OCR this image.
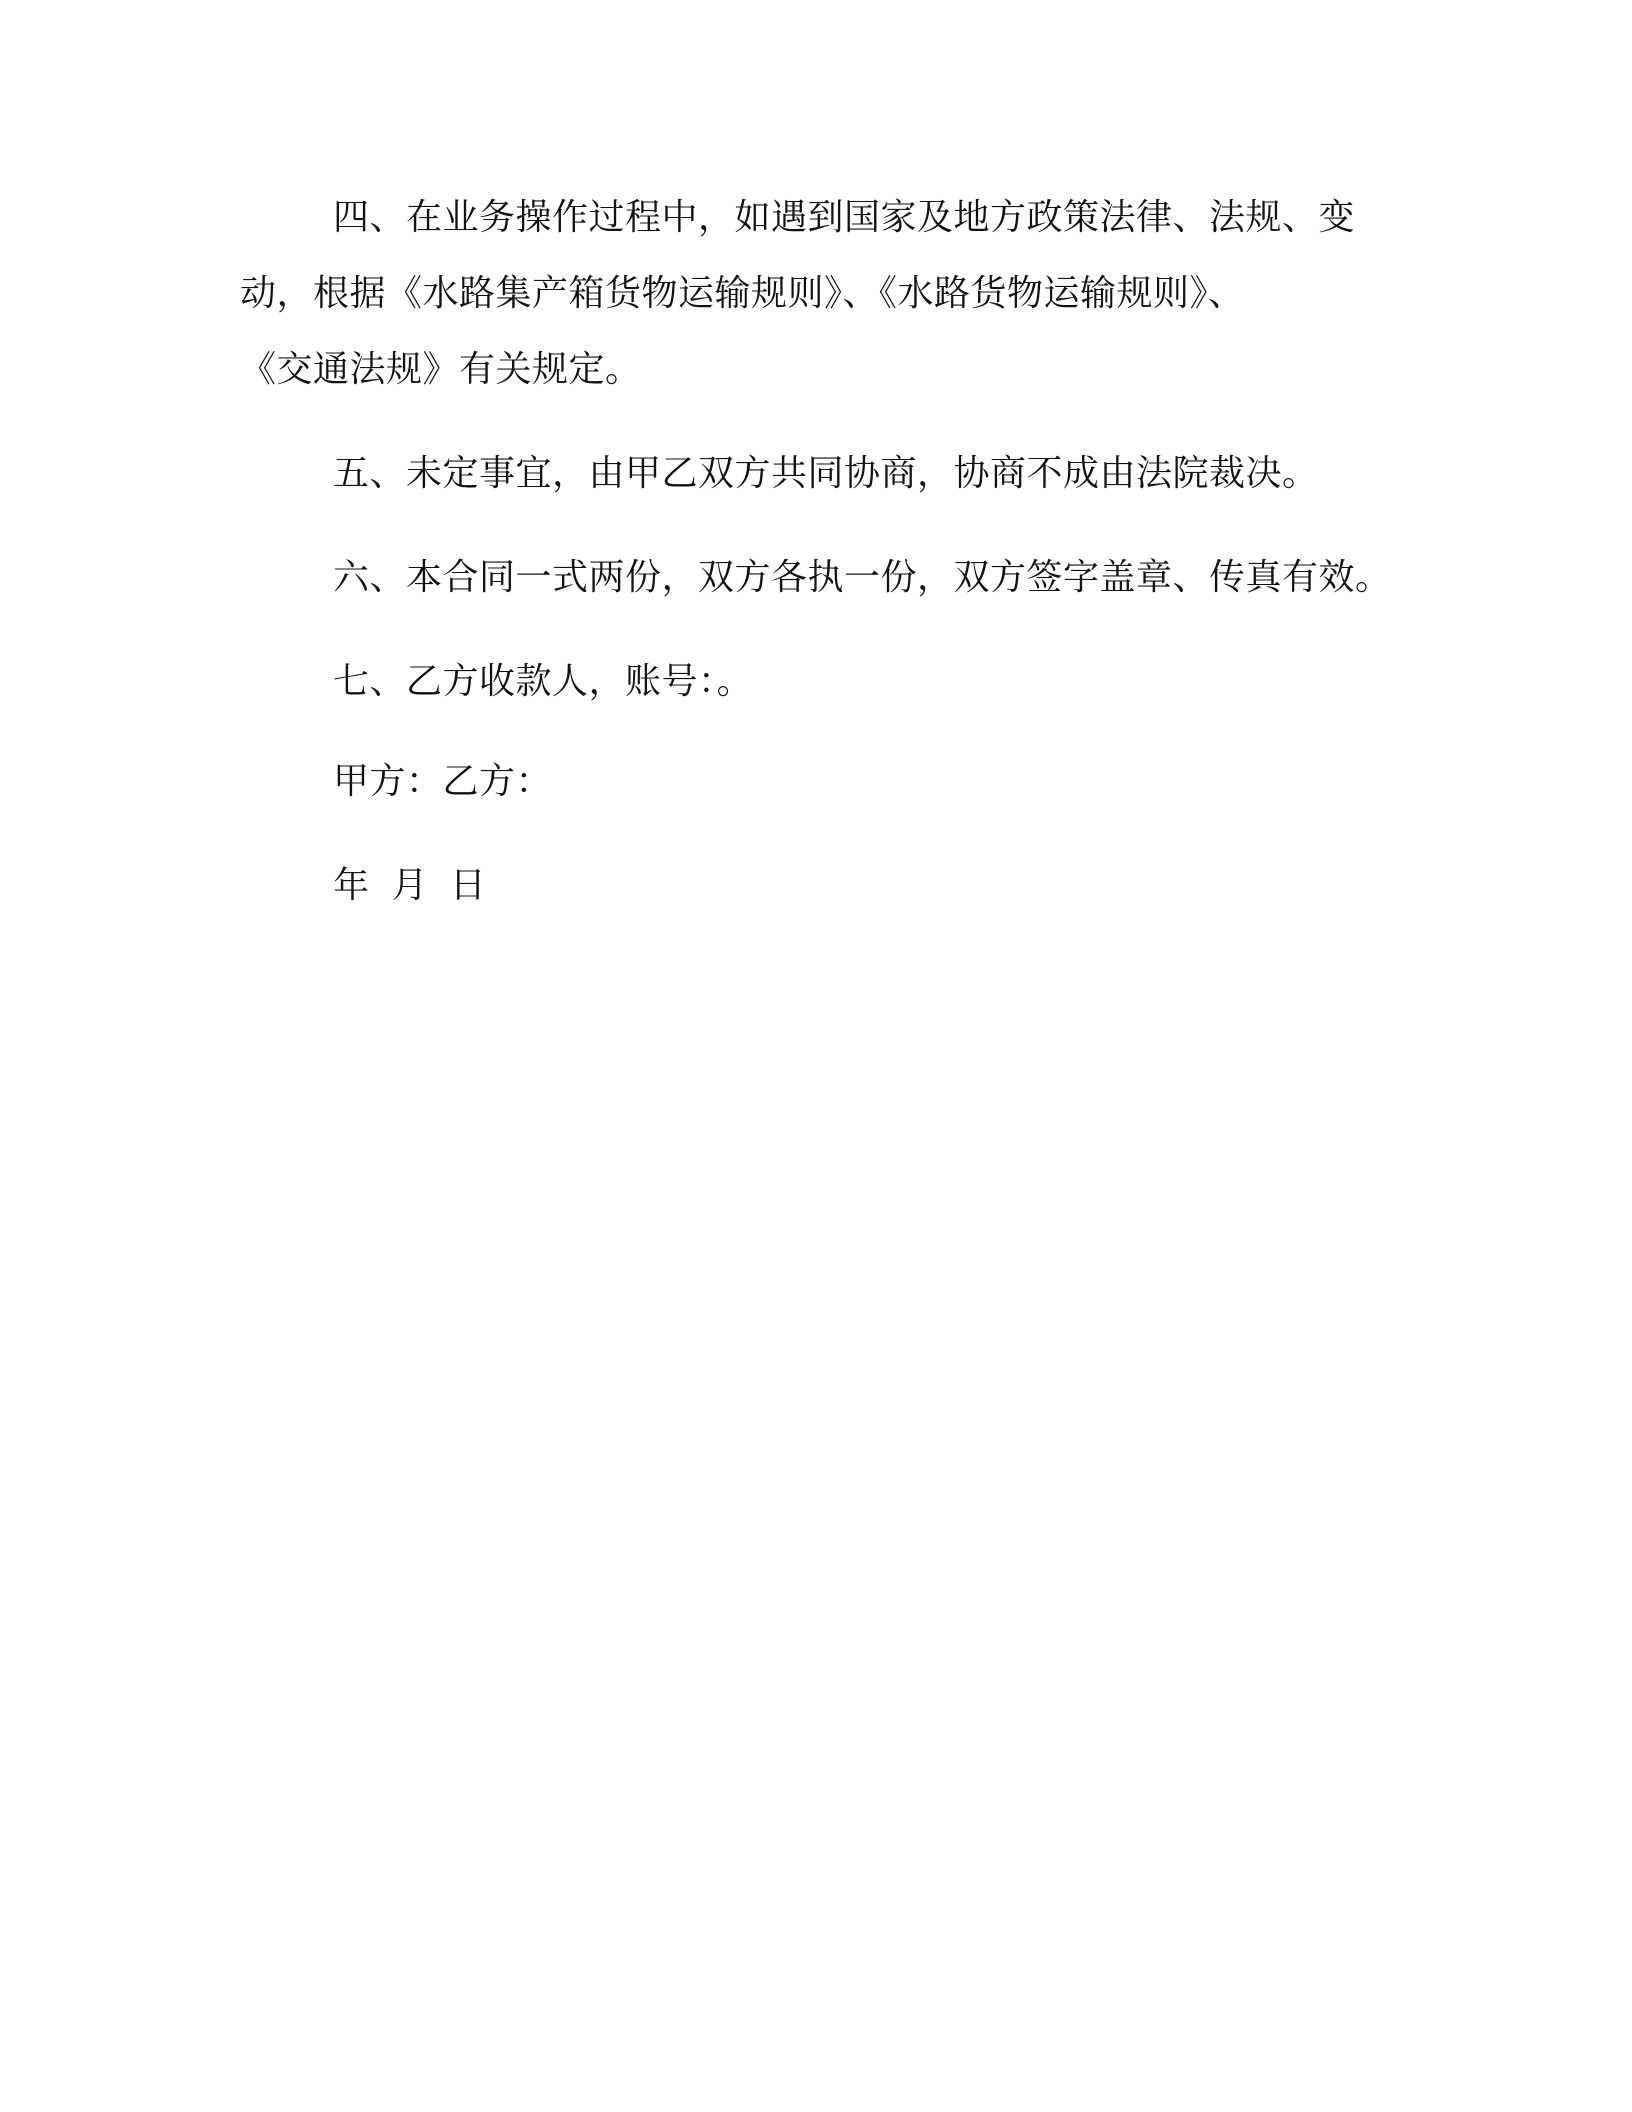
四、在业务操作过程中，如遇到国家及地方政策法律、法规、变
动，根据《水路集产箱货物运输规则》、《水路货物运输规则》、
《交通法规》有关规定。
五、未定事宜，由甲乙双方共同协商，协商不成由法院裁决。
六、本合同一式两份，双方各执一份，双方签字盖章、传真有效。
七、乙方收款人，账号：。
甲方：乙方：
年 月 日
